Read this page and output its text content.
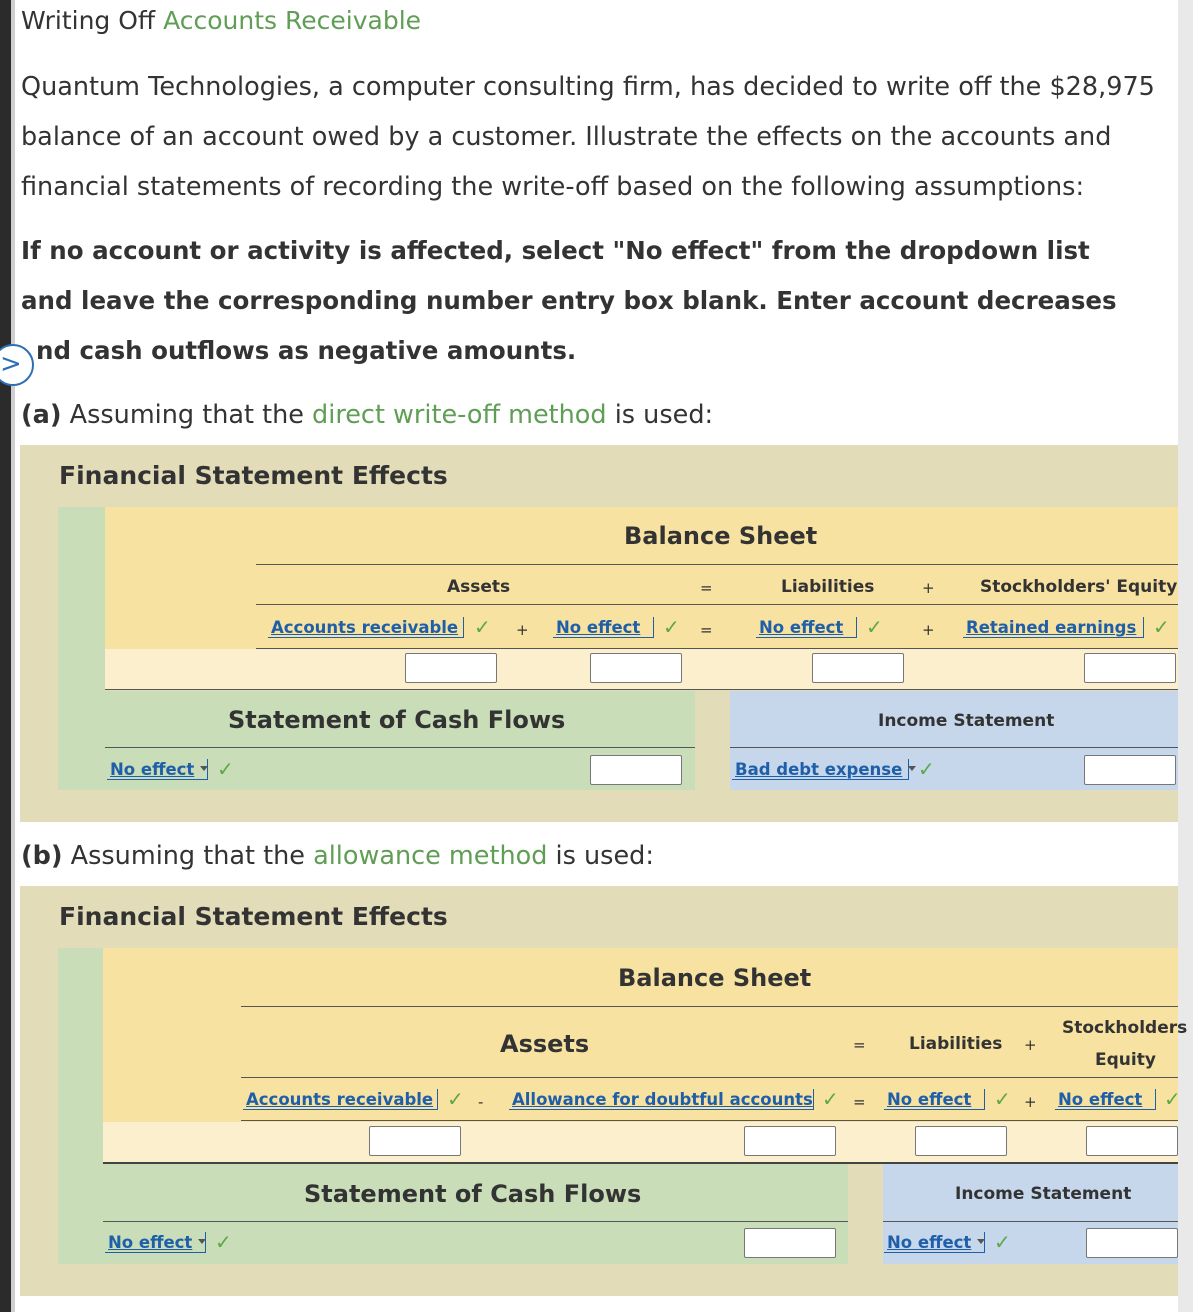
Writing Off Accounts Receivable
Quantum Technologies, a computer consulting firm, has decided to write off the $28,975
balance of an account owed by a customer. Illustrate the effects on the accounts and
financial statements of recording the write-off based on the following assumptions:
If no account or activity is affected, select "No effect" from the dropdown list
and leave the corresponding number entry box blank. Enter account decreases
nd cash outflows as negative amounts.
>
(a) Assuming that the direct write-off method is used:
Financial Statement Effects
Balance Sheet
Assets	=	Liabilities	+	Stockholders' Equity
Accounts receivable ✓ + No effect ✓ =	No effect ✓	+ Retained earnings ✓
Statement of Cash Flows	Income Statement
No effect	✓	Bad debt expense ✓
(b) Assuming that the allowance method is used:
Financial Statement Effects
Balance Sheet
Assets	=	Liabilities +
Stockholders
Equity
Accounts receivable ✓ - Allowance for doubtful accounts ✓ = No effect ✓ + No effect ✓
Statement of Cash Flows	Income Statement
No effect	✓	No effect	✓
